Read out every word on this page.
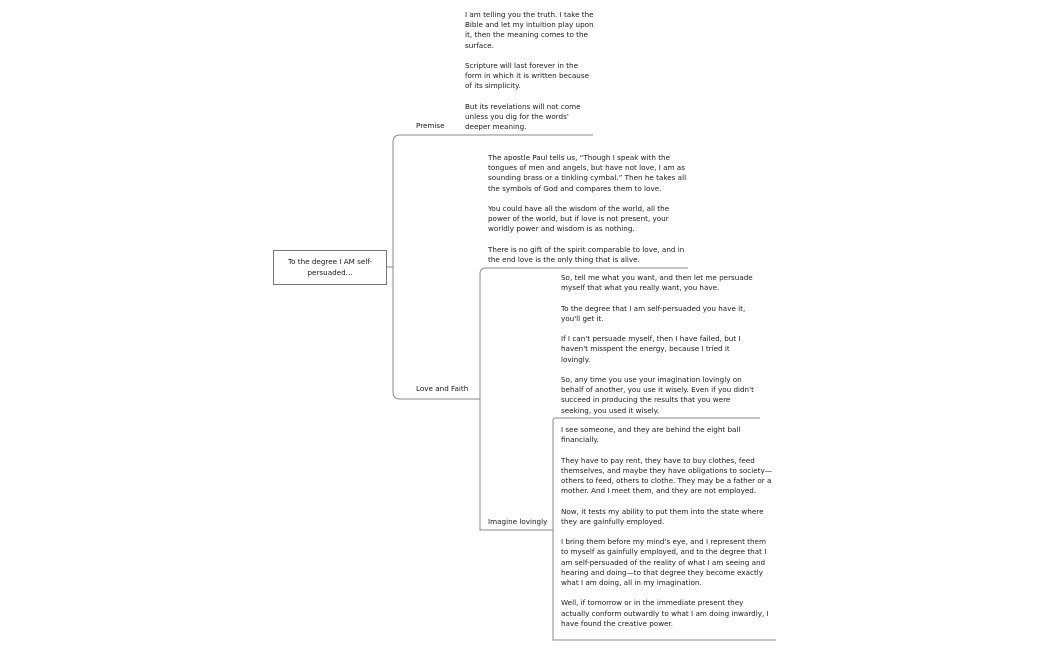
To the degree I AM self-persuaded...
Premise

I am telling you the truth. I take the Bible and let my intuition play upon it, then the meaning comes to the surface.

Scripture will last forever in the form in which it is written because of its simplicity.

But its revelations will not come unless you dig for the words' deeper meaning.

Love and Faith

The apostle Paul tells us, “Though I speak with the tongues of men and angels, but have not love, I am as sounding brass or a tinkling cymbal.” Then he takes all the symbols of God and compares them to love.

You could have all the wisdom of the world, all the power of the world, but if love is not present, your worldly power and wisdom is as nothing.

There is no gift of the spirit comparable to love, and in the end love is the only thing that is alive.

So, tell me what you want, and then let me persuade myself that what you really want, you have.

To the degree that I am self-persuaded you have it, you'll get it.

If I can't persuade myself, then I have failed, but I haven't misspent the energy, because I tried it lovingly.

So, any time you use your imagination lovingly on behalf of another, you use it wisely. Even if you didn't succeed in producing the results that you were seeking, you used it wisely.

Imagine lovingly

I see someone, and they are behind the eight ball financially.

They have to pay rent, they have to buy clothes, feed themselves, and maybe they have obligations to society—others to feed, others to clothe. They may be a father or a mother. And I meet them, and they are not employed.

Now, it tests my ability to put them into the state where they are gainfully employed.

I bring them before my mind's eye, and I represent them to myself as gainfully employed, and to the degree that I am self-persuaded of the reality of what I am seeing and hearing and doing—to that degree they become exactly what I am doing, all in my imagination.

Well, if tomorrow or in the immediate present they actually conform outwardly to what I am doing inwardly, I have found the creative power.
